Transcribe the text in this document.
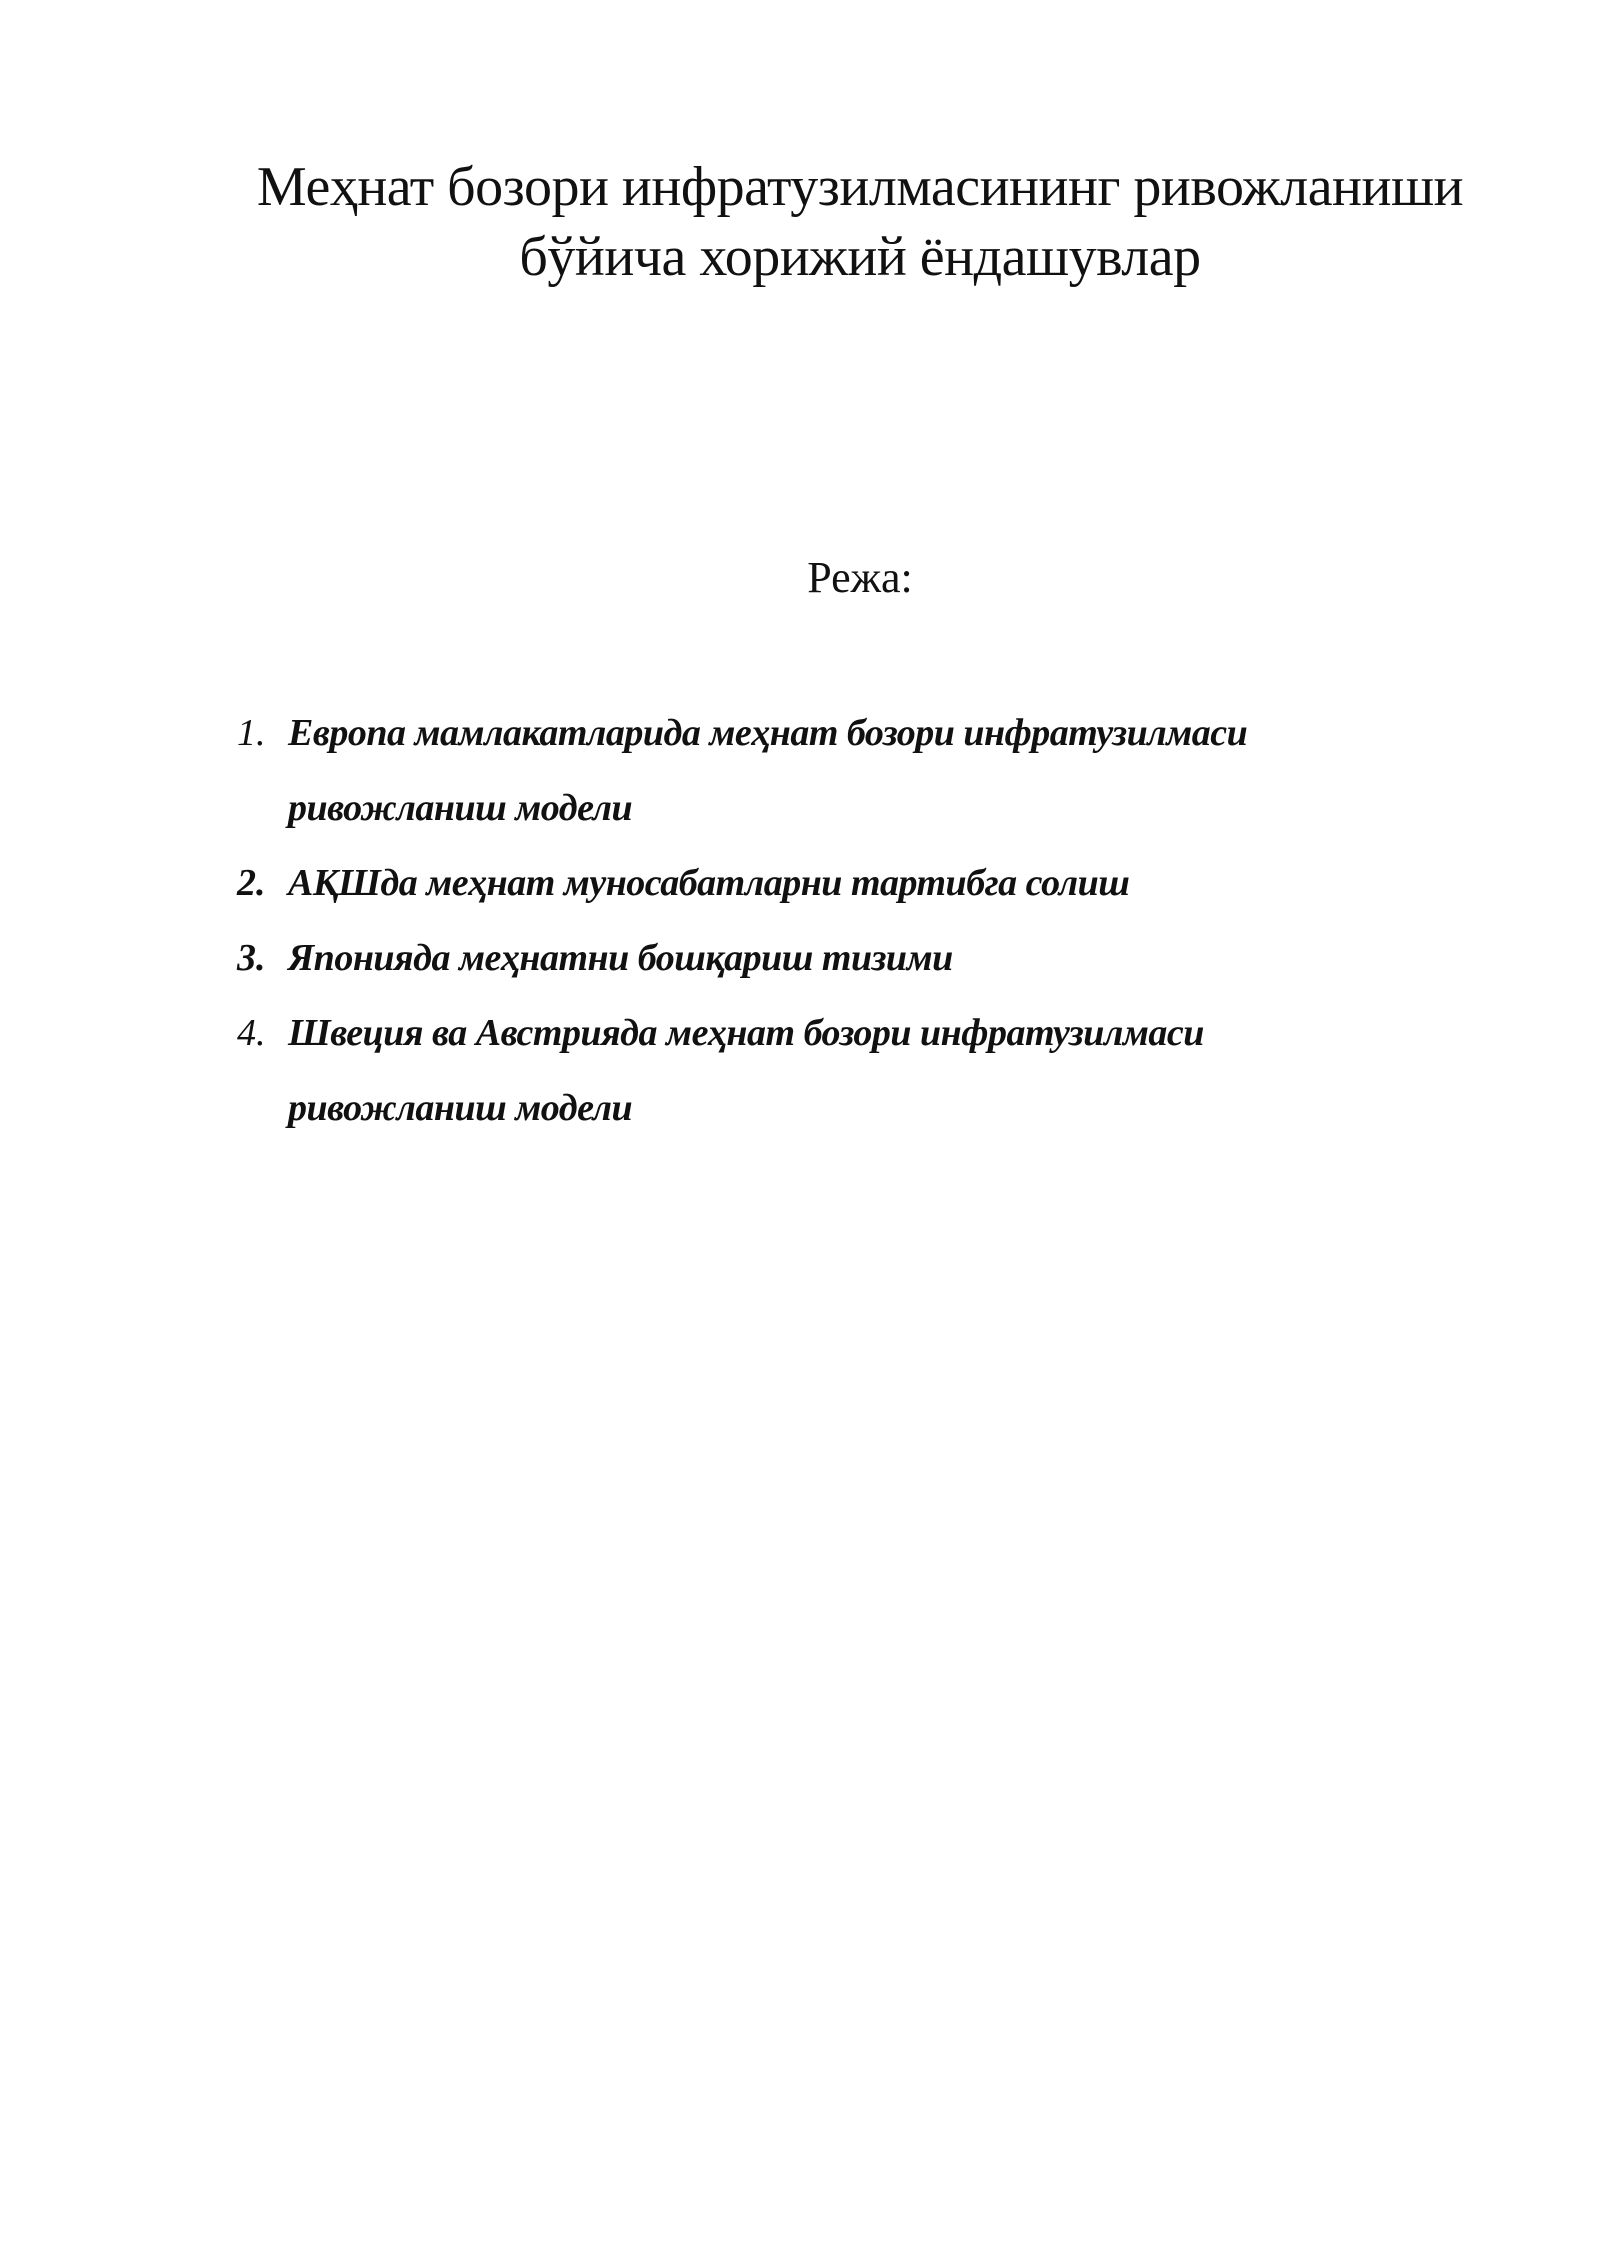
Меҳнат бозори инфратузилмасининг ривожланиши
бўйича хорижий ёндашувлар
Режа:
1. Европа мамлакатларида меҳнат бозори инфратузилмаси ривожланиш модели
2. АҚШда меҳнат муносабатларни тартибга солиш
3. Японияда меҳнатни бошқариш тизими
4. Швеция ва Австрияда меҳнат бозори инфратузилмаси ривожланиш модели
